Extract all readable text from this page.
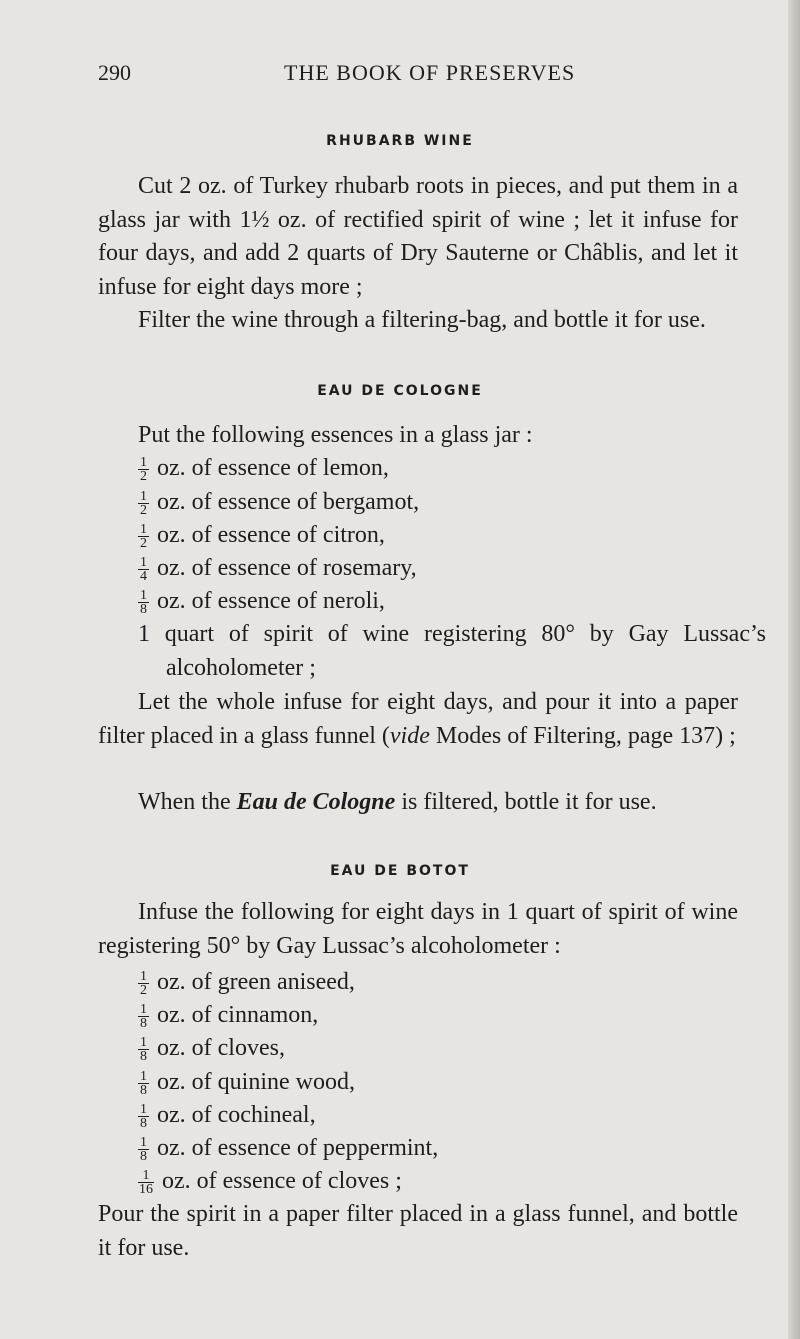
290	THE BOOK OF PRESERVES
RHUBARB WINE

Cut 2 oz. of Turkey rhubarb roots in pieces, and put them in a glass jar with 1½ oz. of rectified spirit of wine ; let it infuse for four days, and add 2 quarts of Dry Sauterne or Châblis, and let it infuse for eight days more ;

Filter the wine through a filtering-bag, and bottle it for use.

EAU DE COLOGNE

Put the following essences in a glass jar :

$\frac{1}{2}$ oz. of essence of lemon,
$\frac{1}{2}$ oz. of essence of bergamot,
$\frac{1}{2}$ oz. of essence of citron,
$\frac{1}{4}$ oz. of essence of rosemary,
$\frac{1}{8}$ oz. of essence of neroli,

1 quart of spirit of wine registering 80° by Gay Lussac’s alcoholometer ;

Let the whole infuse for eight days, and pour it into a paper filter placed in a glass funnel (vide Modes of Filtering, page 137) ;

When the Eau de Cologne is filtered, bottle it for use.

EAU DE BOTOT

Infuse the following for eight days in 1 quart of spirit of wine registering 50° by Gay Lussac’s alcoholometer :

$\frac{1}{2}$ oz. of green aniseed,
$\frac{1}{8}$ oz. of cinnamon,
$\frac{1}{8}$ oz. of cloves,
$\frac{1}{8}$ oz. of quinine wood,
$\frac{1}{8}$ oz. of cochineal,
$\frac{1}{8}$ oz. of essence of peppermint,
$\frac{1}{16}$ oz. of essence of cloves ;

Pour the spirit in a paper filter placed in a glass funnel, and bottle it for use.
